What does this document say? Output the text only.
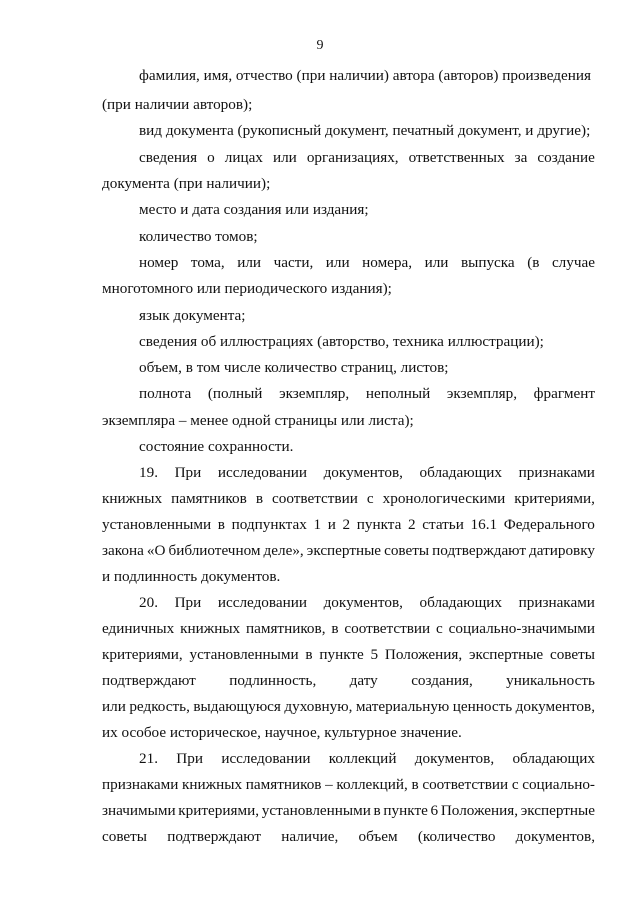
9
фамилия, имя, отчество (при наличии) автора (авторов) произведения
(при наличии авторов);
вид документа (рукописный документ, печатный документ, и другие);
сведения о лицах или организациях, ответственных за создание
документа (при наличии);
место и дата создания или издания;
количество томов;
номер тома, или части, или номера, или выпуска (в случае
многотомного или периодического издания);
язык документа;
сведения об иллюстрациях (авторство, техника иллюстрации);
объем, в том числе количество страниц, листов;
полнота (полный экземпляр, неполный экземпляр, фрагмент
экземпляра – менее одной страницы или листа);
состояние сохранности.
19. При исследовании документов, обладающих признаками
книжных памятников в соответствии с хронологическими критериями,
установленными в подпунктах 1 и 2 пункта 2 статьи 16.1 Федерального
закона «О библиотечном деле», экспертные советы подтверждают датировку
и подлинность документов.
20. При исследовании документов, обладающих признаками
единичных книжных памятников, в соответствии с социально-значимыми
критериями, установленными в пункте 5 Положения, экспертные советы
подтверждают подлинность, дату создания, уникальность
или редкость, выдающуюся духовную, материальную ценность документов,
их особое историческое, научное, культурное значение.
21. При исследовании коллекций документов, обладающих
признаками книжных памятников – коллекций, в соответствии с социально-
значимыми критериями, установленными в пункте 6 Положения, экспертные
советы подтверждают наличие, объем (количество документов,
